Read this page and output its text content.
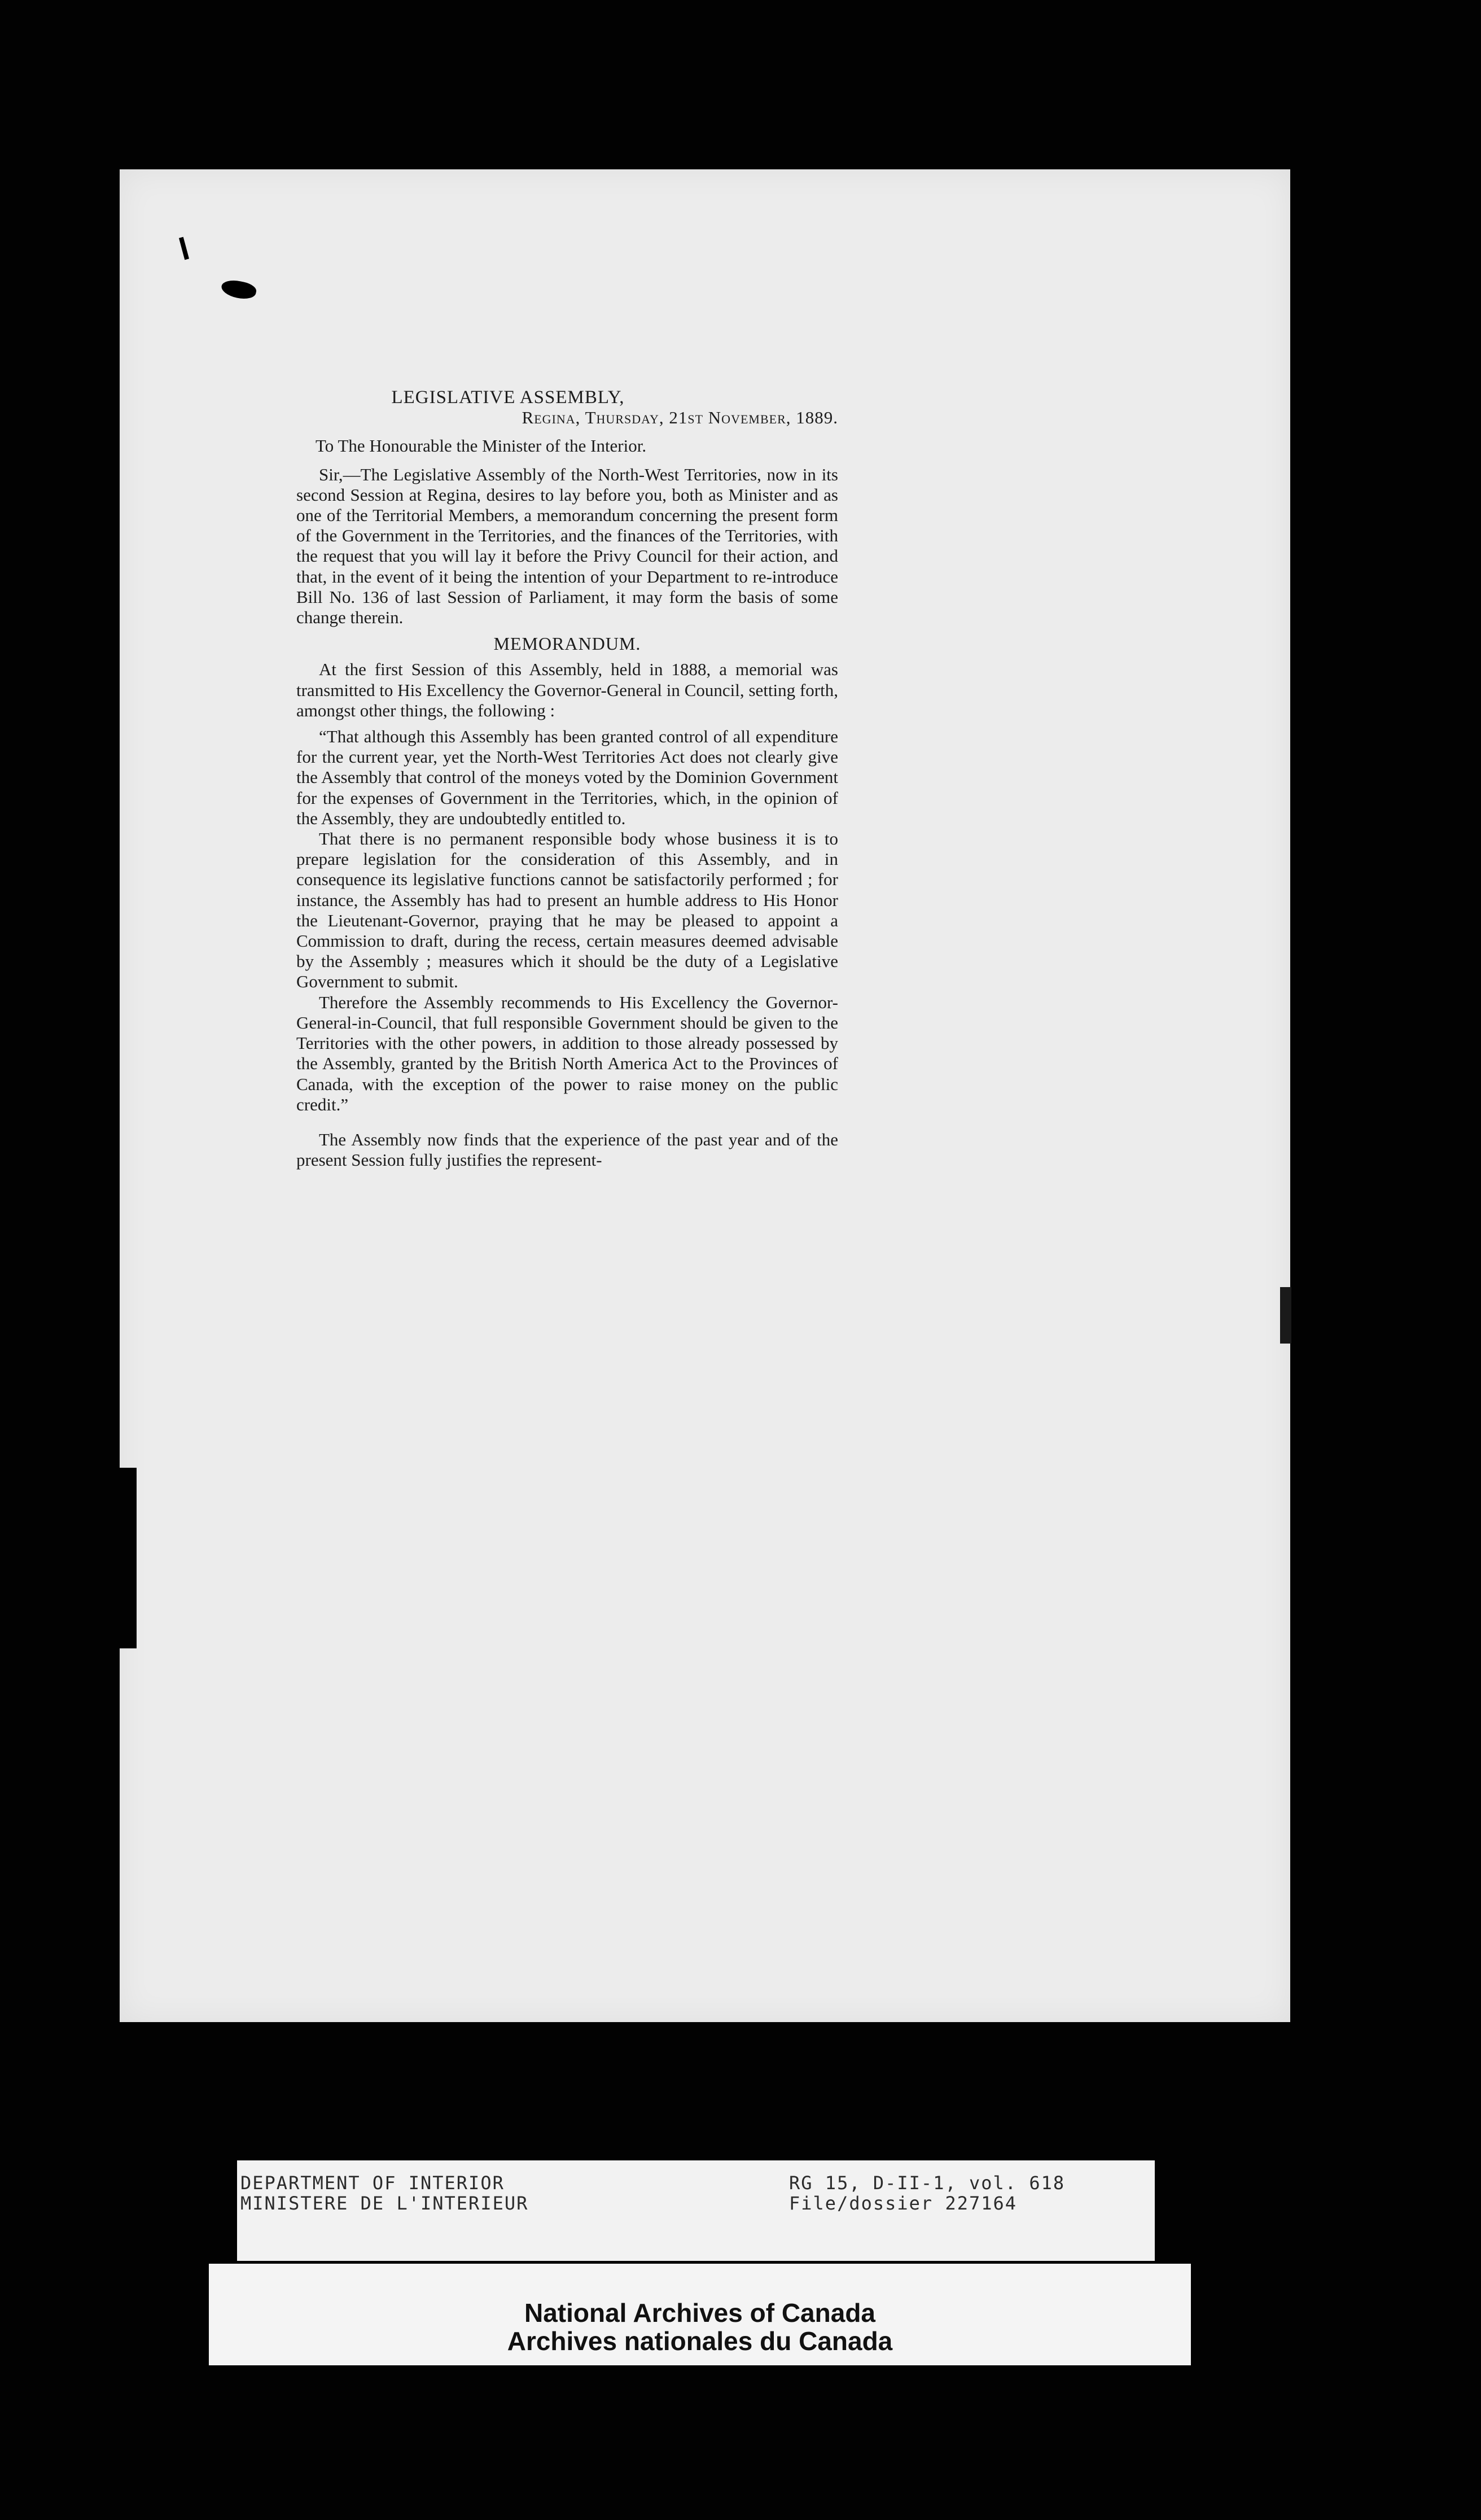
LEGISLATIVE ASSEMBLY,

Regina, Thursday, 21st November, 1889.

To The Honourable the Minister of the Interior.

Sir,—The Legislative Assembly of the North-West Territories, now in its second Session at Regina, desires to lay before you, both as Minister and as one of the Territorial Members, a memorandum concerning the present form of the Government in the Territories, and the finances of the Territories, with the request that you will lay it before the Privy Council for their action, and that, in the event of it being the intention of your Department to re-introduce Bill No. 136 of last Session of Parliament, it may form the basis of some change therein.

MEMORANDUM.

At the first Session of this Assembly, held in 1888, a memorial was transmitted to His Excellency the Governor-General in Council, setting forth, amongst other things, the following :

“That although this Assembly has been granted control of all expenditure for the current year, yet the North-West Territories Act does not clearly give the Assembly that control of the moneys voted by the Dominion Government for the expenses of Government in the Territories, which, in the opinion of the Assembly, they are undoubtedly entitled to.

That there is no permanent responsible body whose business it is to prepare legislation for the consideration of this Assembly, and in consequence its legislative functions cannot be satisfactorily performed ; for instance, the Assembly has had to present an humble address to His Honor the Lieutenant-Governor, praying that he may be pleased to appoint a Commission to draft, during the recess, certain measures deemed advisable by the Assembly ; measures which it should be the duty of a Legislative Government to submit.

Therefore the Assembly recommends to His Excellency the Governor-General-in-Council, that full responsible Government should be given to the Territories with the other powers, in addition to those already possessed by the Assembly, granted by the British North America Act to the Provinces of Canada, with the exception of the power to raise money on the public credit.”

The Assembly now finds that the experience of the past year and of the present Session fully justifies the represent-

DEPARTMENT OF INTERIOR
MINISTERE DE L'INTERIEUR
RG 15, D-II-1, vol. 618
File/dossier 227164
National Archives of Canada
Archives nationales du Canada
